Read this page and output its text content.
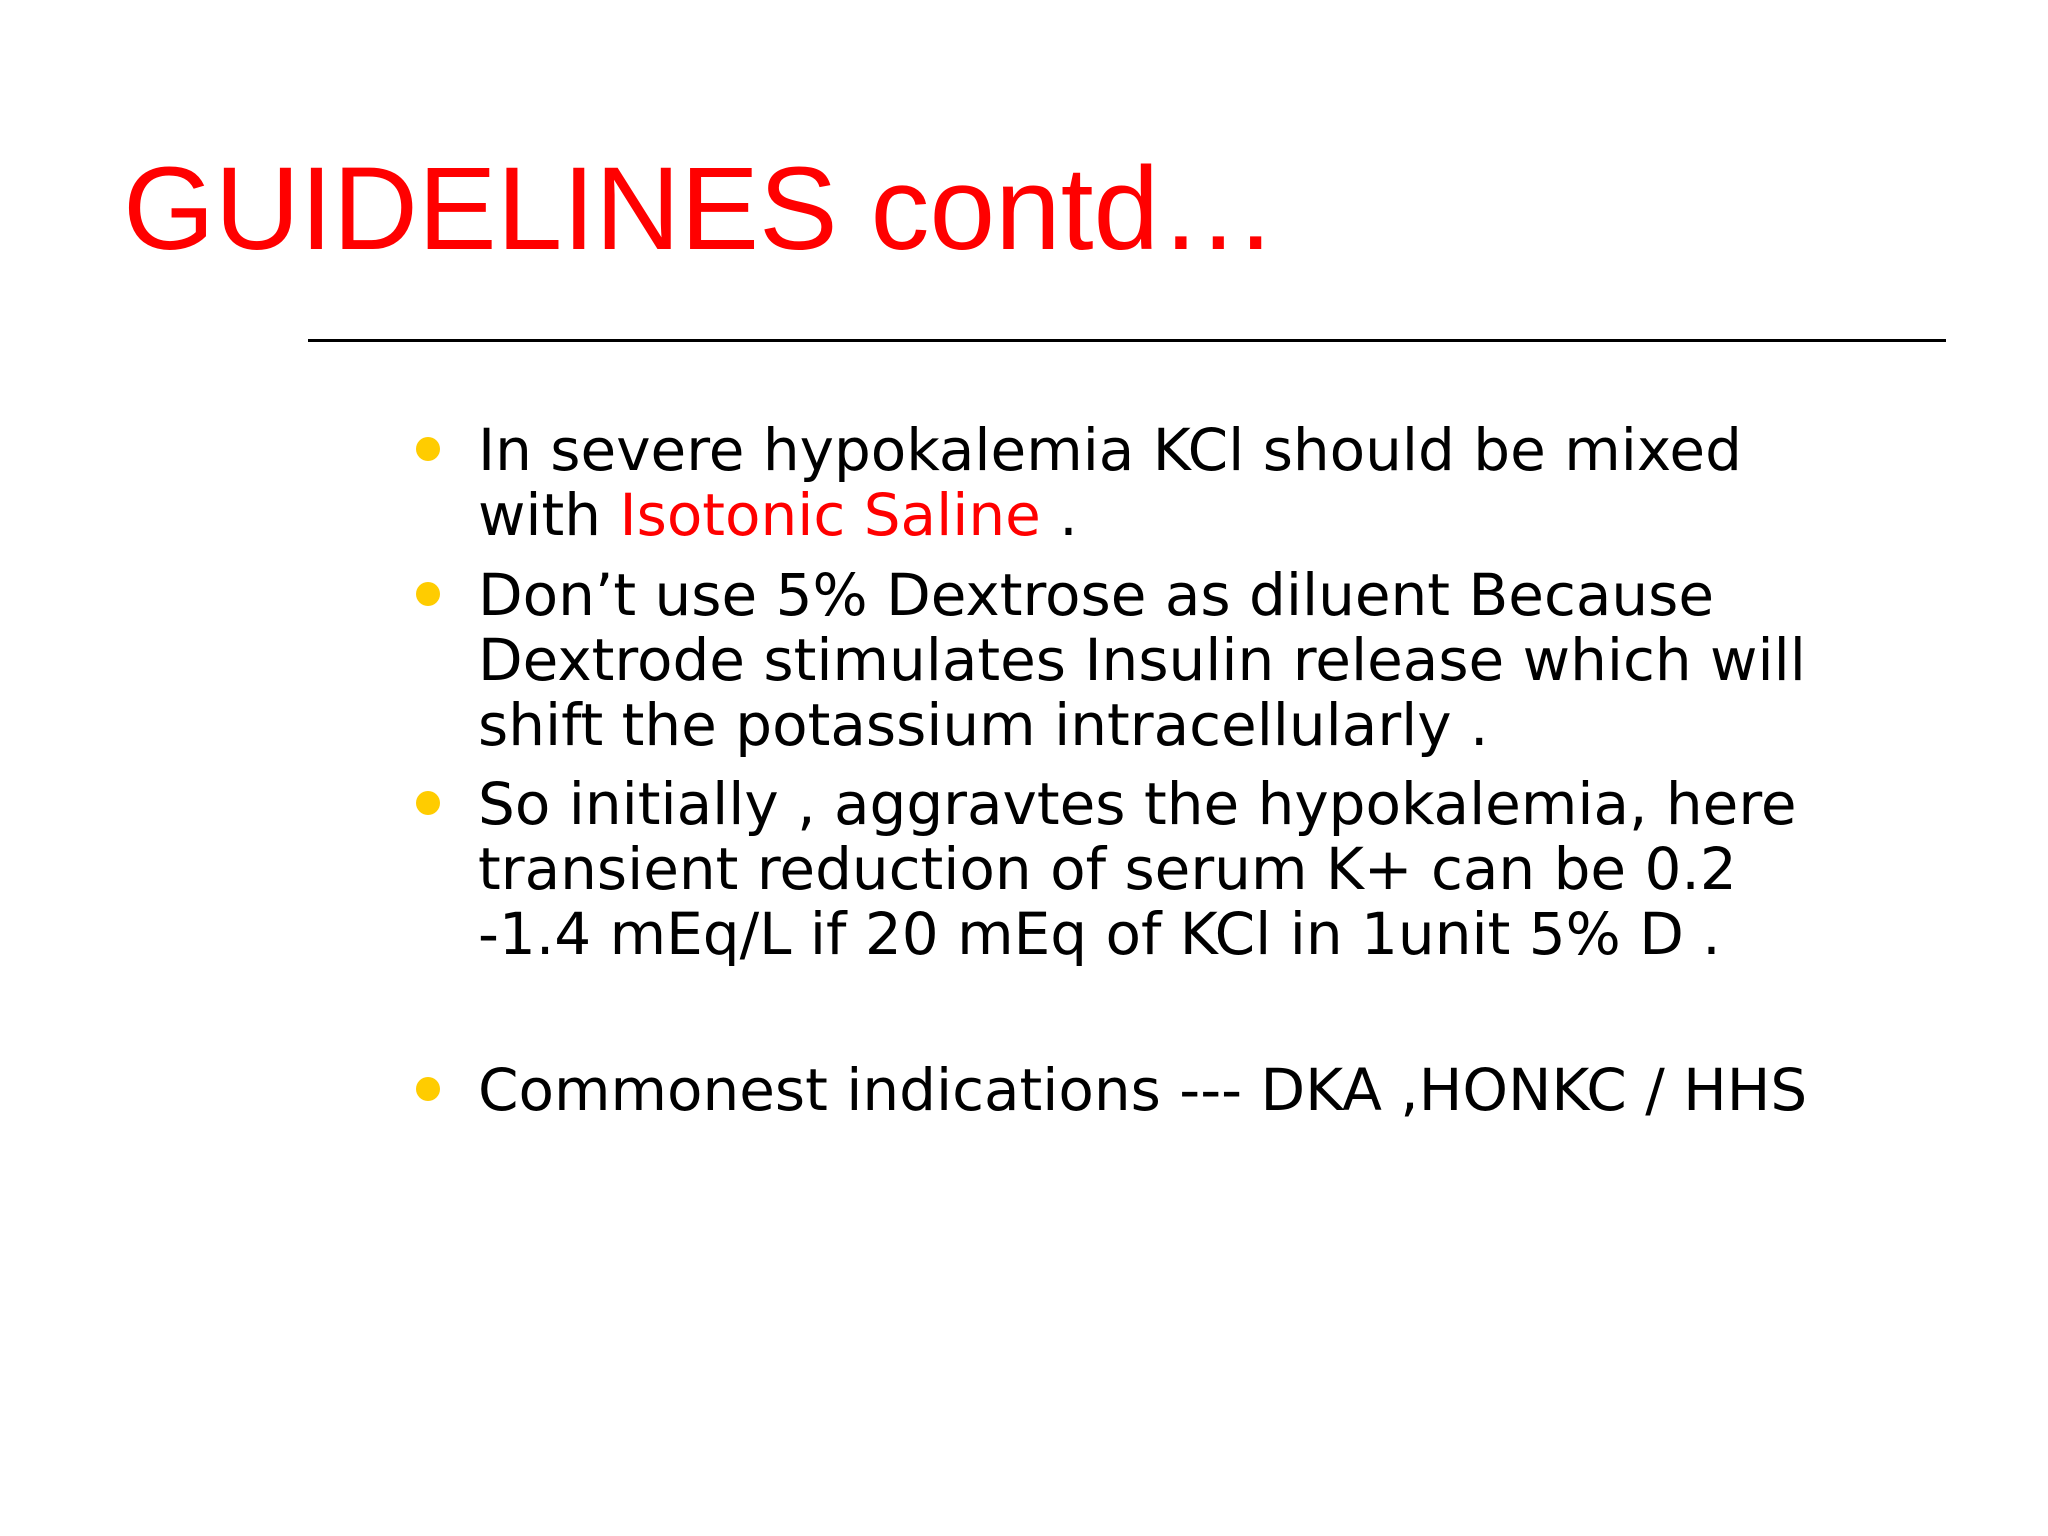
GUIDELINES contd…
In severe hypokalemia KCl should be mixed
with Isotonic Saline .
Don’t use 5% Dextrose as diluent Because
Dextrode stimulates Insulin release which will
shift the potassium intracellularly .
So initially , aggravtes the hypokalemia, here
transient reduction of serum K+ can be 0.2
-1.4 mEq/L if 20 mEq of KCl in 1unit 5% D .
Commonest indications --- DKA ,HONKC / HHS
